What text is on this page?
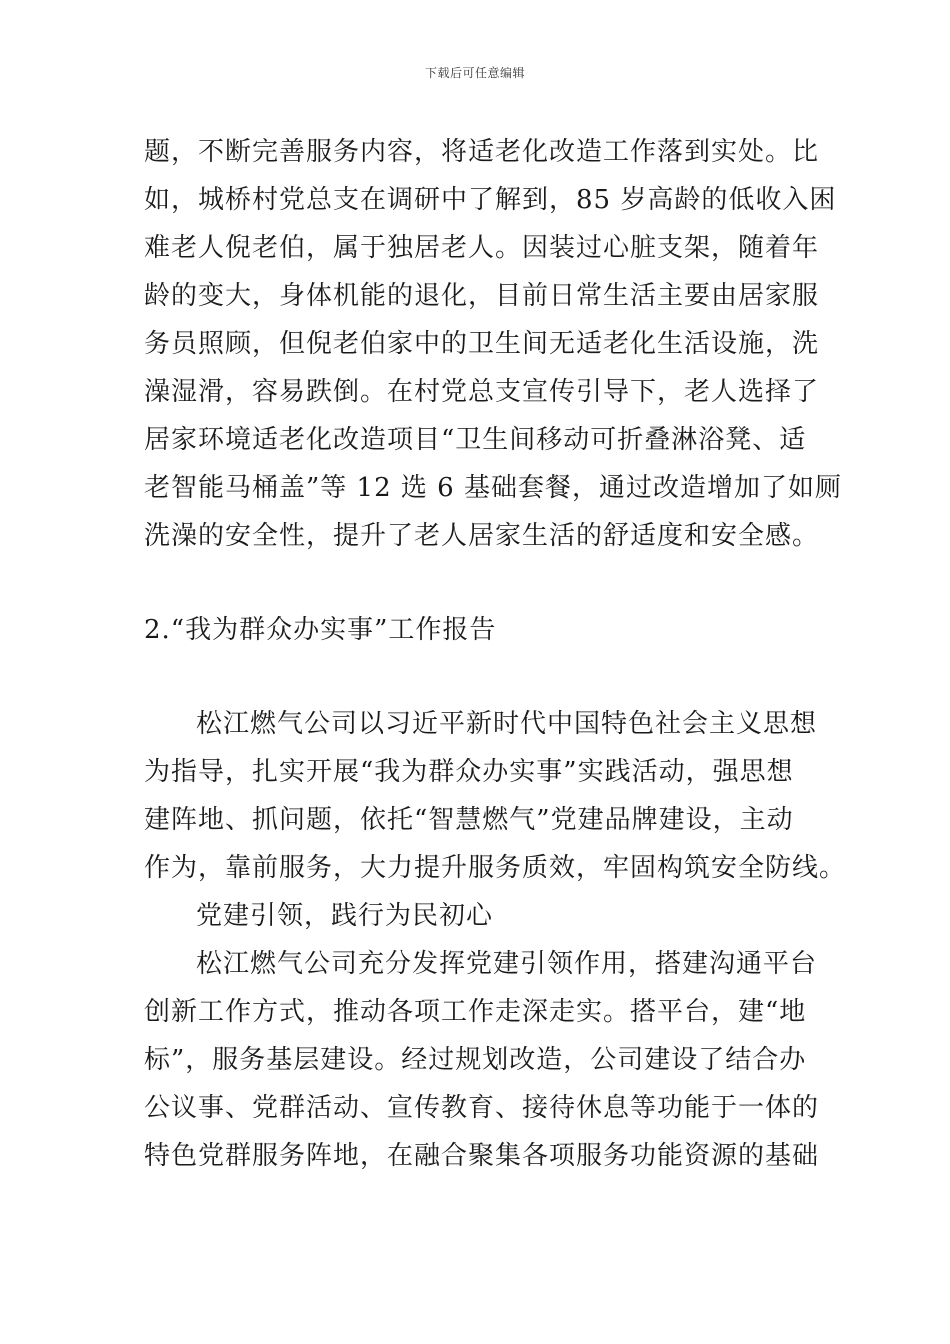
下载后可任意编辑
题，不断完善服务内容，将适老化改造工作落到实处。比
如，城桥村党总支在调研中了解到，85 岁高龄的低收入困
难老人倪老伯，属于独居老人。因装过心脏支架，随着年
龄的变大，身体机能的退化，目前日常生活主要由居家服
务员照顾，但倪老伯家中的卫生间无适老化生活设施，洗
澡湿滑，容易跌倒。在村党总支宣传引导下，老人选择了
居家环境适老化改造项目“卫生间移动可折叠淋浴凳、适
老智能马桶盖”等 12 选 6 基础套餐，通过改造增加了如厕
洗澡的安全性，提升了老人居家生活的舒适度和安全感。
2.“我为群众办实事”工作报告
松江燃气公司以习近平新时代中国特色社会主义思想
为指导，扎实开展“我为群众办实事”实践活动，强思想
建阵地、抓问题，依托“智慧燃气”党建品牌建设，主动
作为，靠前服务，大力提升服务质效，牢固构筑安全防线。
党建引领，践行为民初心
松江燃气公司充分发挥党建引领作用，搭建沟通平台
创新工作方式，推动各项工作走深走实。搭平台，建“地
标”，服务基层建设。经过规划改造，公司建设了结合办
公议事、党群活动、宣传教育、接待休息等功能于一体的
特色党群服务阵地，在融合聚集各项服务功能资源的基础
